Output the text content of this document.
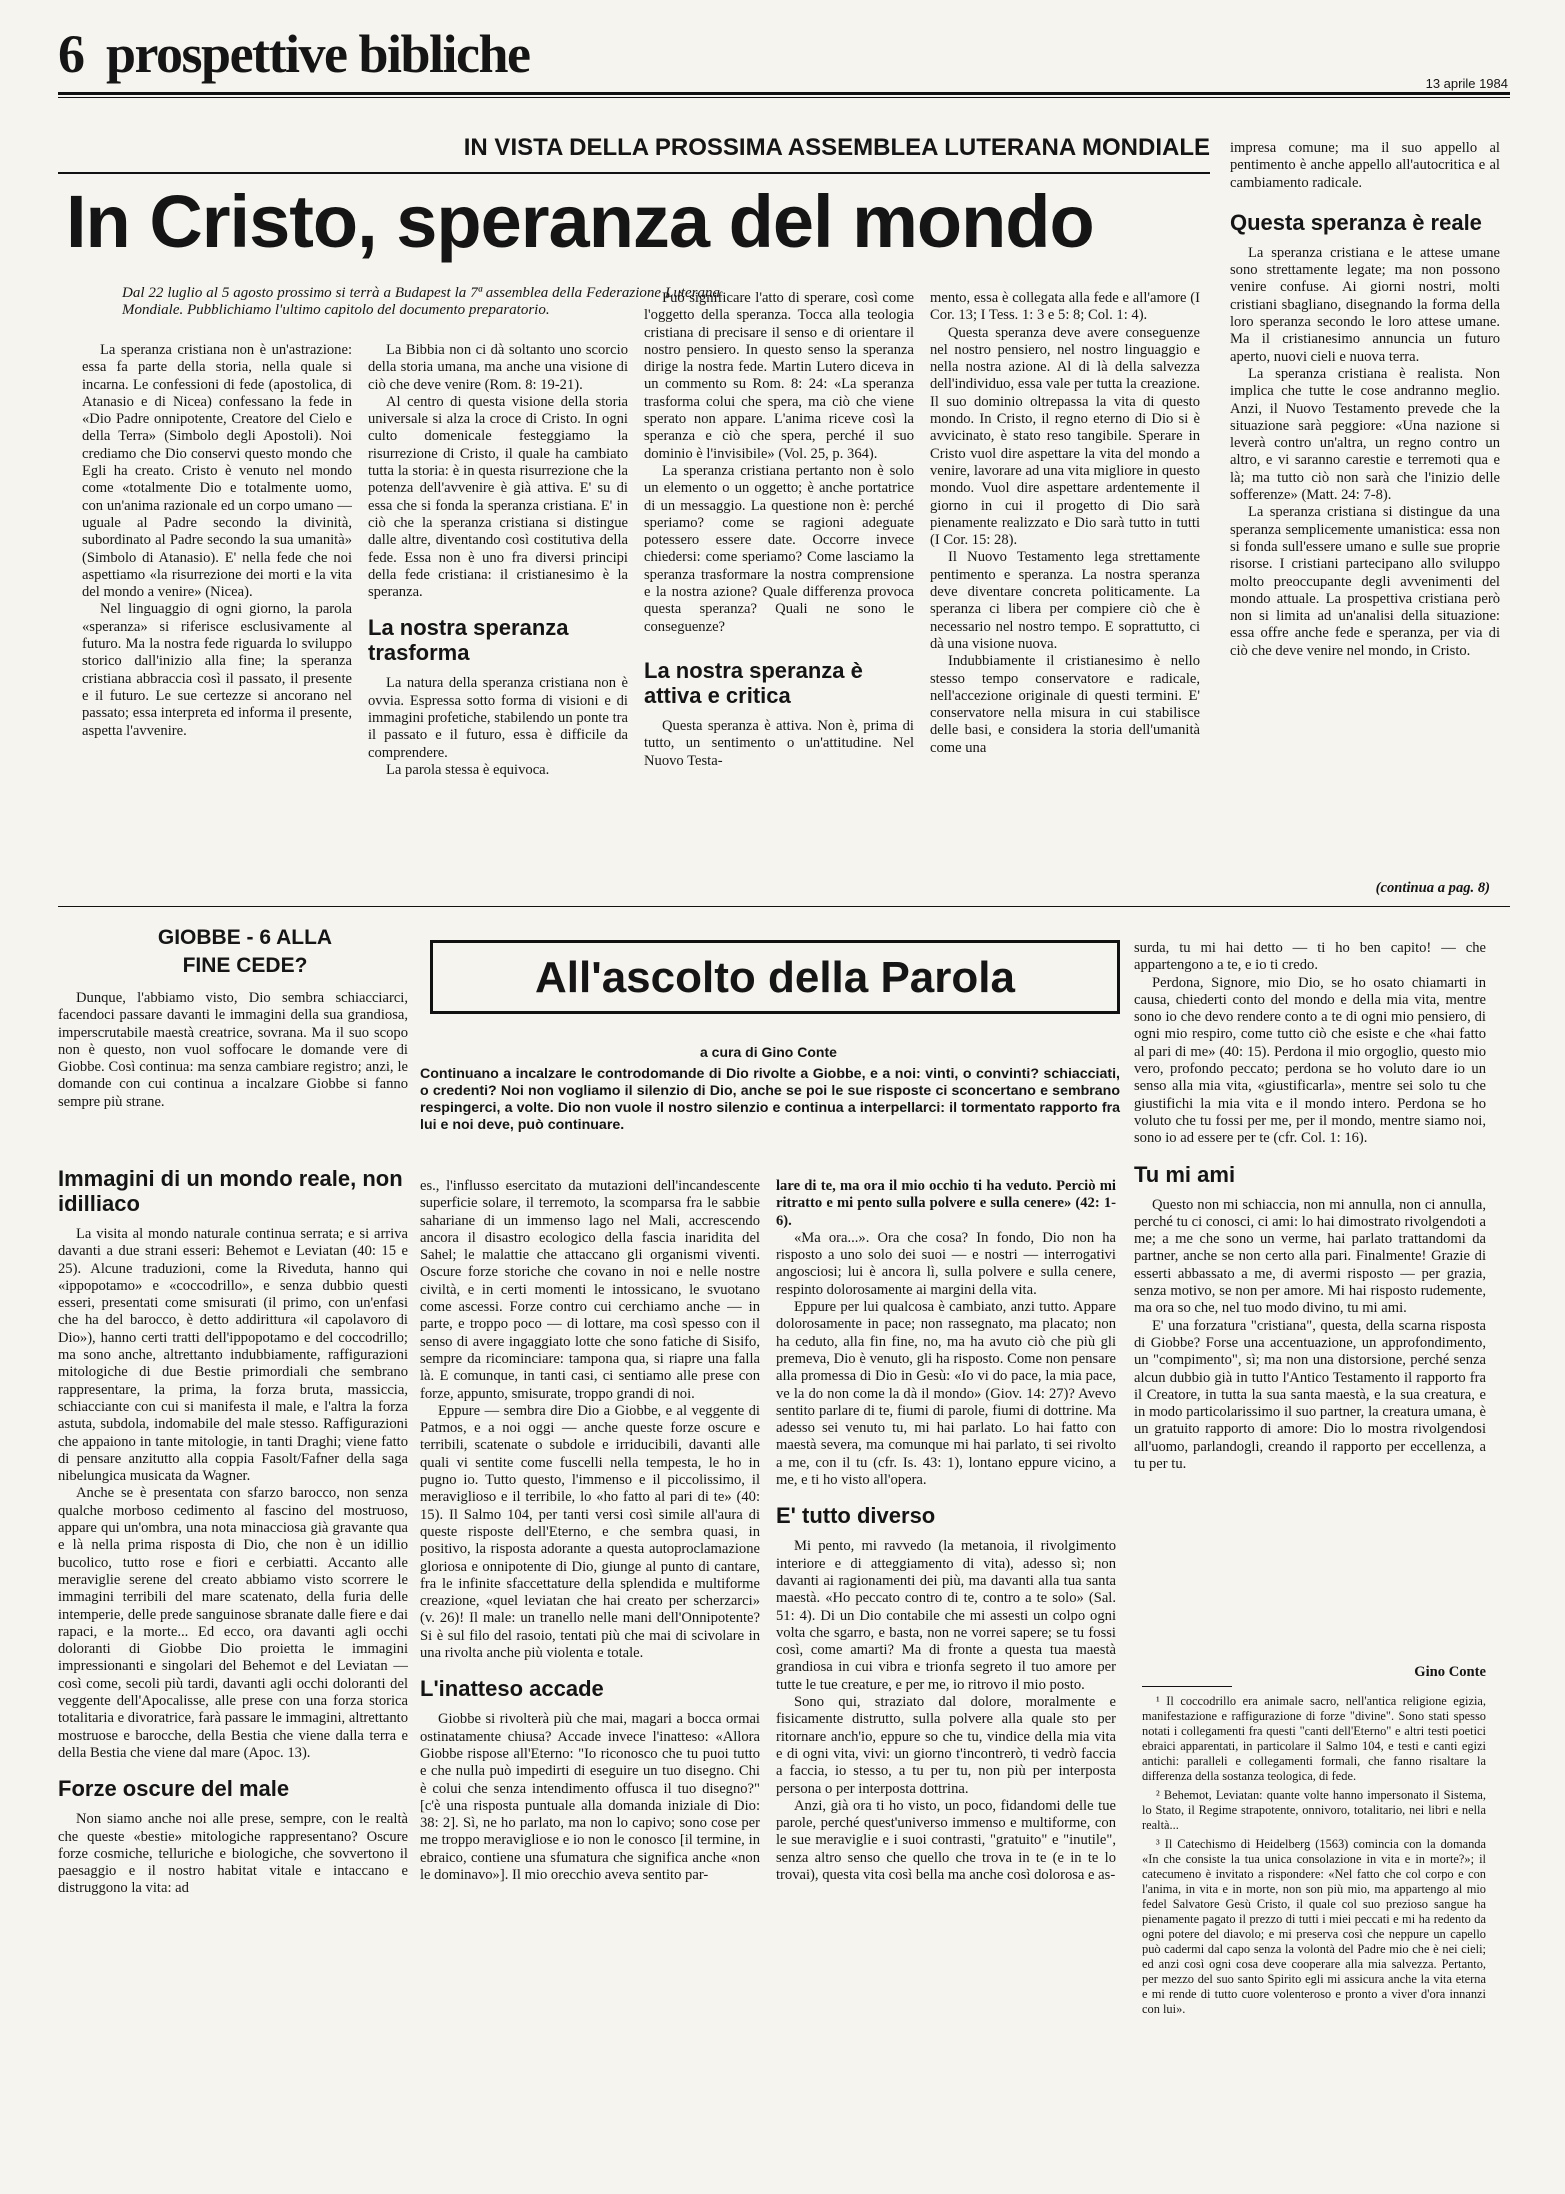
6 prospettive bibliche	13 aprile 1984
IN VISTA DELLA PROSSIMA ASSEMBLEA LUTERANA MONDIALE
In Cristo, speranza del mondo
Dal 22 luglio al 5 agosto prossimo si terrà a Budapest la 7ª assemblea della Federazione Luterana Mondiale. Pubblichiamo l'ultimo capitolo del documento preparatorio.

La speranza cristiana non è un'astrazione: essa fa parte della storia, nella quale si incarna. Le confessioni di fede (apostolica, di Atanasio e di Nicea) confessano la fede in «Dio Padre onnipotente, Creatore del Cielo e della Terra» (Simbolo degli Apostoli). Noi crediamo che Dio conservi questo mondo che Egli ha creato. Cristo è venuto nel mondo come «totalmente Dio e totalmente uomo, con un'anima razionale ed un corpo umano — uguale al Padre secondo la divinità, subordinato al Padre secondo la sua umanità» (Simbolo di Atanasio). E' nella fede che noi aspettiamo «la risurrezione dei morti e la vita del mondo a venire» (Nicea).

Nel linguaggio di ogni giorno, la parola «speranza» si riferisce esclusivamente al futuro. Ma la nostra fede riguarda lo sviluppo storico dall'inizio alla fine; la speranza cristiana abbraccia così il passato, il presente e il futuro. Le sue certezze si ancorano nel passato; essa interpreta ed informa il presente, aspetta l'avvenire.

La Bibbia non ci dà soltanto uno scorcio della storia umana, ma anche una visione di ciò che deve venire (Rom. 8: 19-21).

Al centro di questa visione della storia universale si alza la croce di Cristo. In ogni culto domenicale festeggiamo la risurrezione di Cristo, il quale ha cambiato tutta la storia: è in questa risurrezione che la potenza dell'avvenire è già attiva. E' su di essa che si fonda la speranza cristiana. E' in ciò che la speranza cristiana si distingue dalle altre, diventando così costitutiva della fede. Essa non è uno fra diversi principi della fede cristiana: il cristianesimo è la speranza.

La nostra speranza trasforma

La natura della speranza cristiana non è ovvia. Espressa sotto forma di visioni e di immagini profetiche, stabilendo un ponte tra il passato e il futuro, essa è difficile da comprendere.

La parola stessa è equivoca.

Può significare l'atto di sperare, così come l'oggetto della speranza. Tocca alla teologia cristiana di precisare il senso e di orientare il nostro pensiero. In questo senso la speranza dirige la nostra fede. Martin Lutero diceva in un commento su Rom. 8: 24: «La speranza trasforma colui che spera, ma ciò che viene sperato non appare. L'anima riceve così la speranza e ciò che spera, perché il suo dominio è l'invisibile» (Vol. 25, p. 364).

La speranza cristiana pertanto non è solo un elemento o un oggetto; è anche portatrice di un messaggio. La questione non è: perché speriamo? come se ragioni adeguate potessero essere date. Occorre invece chiedersi: come speriamo? Come lasciamo la speranza trasformare la nostra comprensione e la nostra azione? Quale differenza provoca questa speranza? Quali ne sono le conseguenze?

La nostra speranza è attiva e critica

Questa speranza è attiva. Non è, prima di tutto, un sentimento o un'attitudine. Nel Nuovo Testa-

mento, essa è collegata alla fede e all'amore (I Cor. 13; I Tess. 1: 3 e 5: 8; Col. 1: 4).

Questa speranza deve avere conseguenze nel nostro pensiero, nel nostro linguaggio e nella nostra azione. Al di là della salvezza dell'individuo, essa vale per tutta la creazione. Il suo dominio oltrepassa la vita di questo mondo. In Cristo, il regno eterno di Dio si è avvicinato, è stato reso tangibile. Sperare in Cristo vuol dire aspettare la vita del mondo a venire, lavorare ad una vita migliore in questo mondo. Vuol dire aspettare ardentemente il giorno in cui il progetto di Dio sarà pienamente realizzato e Dio sarà tutto in tutti (I Cor. 15: 28).

Il Nuovo Testamento lega strettamente pentimento e speranza. La nostra speranza deve diventare concreta politicamente. La speranza ci libera per compiere ciò che è necessario nel nostro tempo. E soprattutto, ci dà una visione nuova.

Indubbiamente il cristianesimo è nello stesso tempo conservatore e radicale, nell'accezione originale di questi termini. E' conservatore nella misura in cui stabilisce delle basi, e considera la storia dell'umanità come una

impresa comune; ma il suo appello al pentimento è anche appello all'autocritica e al cambiamento radicale.

Questa speranza è reale

La speranza cristiana e le attese umane sono strettamente legate; ma non possono venire confuse. Ai giorni nostri, molti cristiani sbagliano, disegnando la forma della loro speranza secondo le loro attese umane. Ma il cristianesimo annuncia un futuro aperto, nuovi cieli e nuova terra.

La speranza cristiana è realista. Non implica che tutte le cose andranno meglio. Anzi, il Nuovo Testamento prevede che la situazione sarà peggiore: «Una nazione si leverà contro un'altra, un regno contro un altro, e vi saranno carestie e terremoti qua e là; ma tutto ciò non sarà che l'inizio delle sofferenze» (Matt. 24: 7-8).

La speranza cristiana si distingue da una speranza semplicemente umanistica: essa non si fonda sull'essere umano e sulle sue proprie risorse. I cristiani partecipano allo sviluppo molto preoccupante degli avvenimenti del mondo attuale. La prospettiva cristiana però non si limita ad un'analisi della situazione: essa offre anche fede e speranza, per via di ciò che deve venire nel mondo, in Cristo.

(continua a pag. 8)
GIOBBE - 6 ALLA FINE CEDE?

Dunque, l'abbiamo visto, Dio sembra schiacciarci, facendoci passare davanti le immagini della sua grandiosa, imperscrutabile maestà creatrice, sovrana. Ma il suo scopo non è questo, non vuol soffocare le domande vere di Giobbe. Così continua: ma senza cambiare registro; anzi, le domande con cui continua a incalzare Giobbe si fanno sempre più strane.

All'ascolto della Parola
a cura di Gino Conte
Continuano a incalzare le controdomande di Dio rivolte a Giobbe, e a noi: vinti, o convinti? schiacciati, o credenti? Noi non vogliamo il silenzio di Dio, anche se poi le sue risposte ci sconcertano e sembrano respingerci, a volte. Dio non vuole il nostro silenzio e continua a interpellarci: il tormentato rapporto fra lui e noi deve, può continuare.
Immagini di un mondo reale, non idilliaco

La visita al mondo naturale continua serrata; e si arriva davanti a due strani esseri: Behemot e Leviatan (40: 15 e 25). Alcune traduzioni, come la Riveduta, hanno qui «ippopotamo» e «coccodrillo», e senza dubbio questi esseri, presentati come smisurati (il primo, con un'enfasi che ha del barocco, è detto addirittura «il capolavoro di Dio»), hanno certi tratti dell'ippopotamo e del coccodrillo; ma sono anche, altrettanto indubbiamente, raffigurazioni mitologiche di due Bestie primordiali che sembrano rappresentare, la prima, la forza bruta, massiccia, schiacciante con cui si manifesta il male, e l'altra la forza astuta, subdola, indomabile del male stesso. Raffigurazioni che appaiono in tante mitologie, in tanti Draghi; viene fatto di pensare anzitutto alla coppia Fasolt/Fafner della saga nibelungica musicata da Wagner.

Anche se è presentata con sfarzo barocco, non senza qualche morboso cedimento al fascino del mostruoso, appare qui un'ombra, una nota minacciosa già gravante qua e là nella prima risposta di Dio, che non è un idillio bucolico, tutto rose e fiori e cerbiatti. Accanto alle meraviglie serene del creato abbiamo visto scorrere le immagini terribili del mare scatenato, della furia delle intemperie, delle prede sanguinose sbranate dalle fiere e dai rapaci, e la morte... Ed ecco, ora davanti agli occhi doloranti di Giobbe Dio proietta le immagini impressionanti e singolari del Behemot e del Leviatan — così come, secoli più tardi, davanti agli occhi doloranti del veggente dell'Apocalisse, alle prese con una forza storica totalitaria e divoratrice, farà passare le immagini, altrettanto mostruose e barocche, della Bestia che viene dalla terra e della Bestia che viene dal mare (Apoc. 13).

Forze oscure del male

Non siamo anche noi alle prese, sempre, con le realtà che queste «bestie» mitologiche rappresentano? Oscure forze cosmiche, telluriche e biologiche, che sovvertono il paesaggio e il nostro habitat vitale e intaccano e distruggono la vita: ad

es., l'influsso esercitato da mutazioni dell'incandescente superficie solare, il terremoto, la scomparsa fra le sabbie sahariane di un immenso lago nel Mali, accrescendo ancora il disastro ecologico della fascia inaridita del Sahel; le malattie che attaccano gli organismi viventi. Oscure forze storiche che covano in noi e nelle nostre civiltà, e in certi momenti le intossicano, le svuotano come ascessi. Forze contro cui cerchiamo anche — in parte, e troppo poco — di lottare, ma così spesso con il senso di avere ingaggiato lotte che sono fatiche di Sisifo, sempre da ricominciare: tampona qua, si riapre una falla là. E comunque, in tanti casi, ci sentiamo alle prese con forze, appunto, smisurate, troppo grandi di noi.

Eppure — sembra dire Dio a Giobbe, e al veggente di Patmos, e a noi oggi — anche queste forze oscure e terribili, scatenate o subdole e irriducibili, davanti alle quali vi sentite come fuscelli nella tempesta, le ho in pugno io. Tutto questo, l'immenso e il piccolissimo, il meraviglioso e il terribile, lo «ho fatto al pari di te» (40: 15). Il Salmo 104, per tanti versi così simile all'aura di queste risposte dell'Eterno, e che sembra quasi, in positivo, la risposta adorante a questa autoproclamazione gloriosa e onnipotente di Dio, giunge al punto di cantare, fra le infinite sfaccettature della splendida e multiforme creazione, «quel leviatan che hai creato per scherzarci» (v. 26)! Il male: un tranello nelle mani dell'Onnipotente? Si è sul filo del rasoio, tentati più che mai di scivolare in una rivolta anche più violenta e totale.

L'inatteso accade

Giobbe si rivolterà più che mai, magari a bocca ormai ostinatamente chiusa? Accade invece l'inatteso: «Allora Giobbe rispose all'Eterno: "Io riconosco che tu puoi tutto e che nulla può impedirti di eseguire un tuo disegno. Chi è colui che senza intendimento offusca il tuo disegno?" [c'è una risposta puntuale alla domanda iniziale di Dio: 38: 2]. Sì, ne ho parlato, ma non lo capivo; sono cose per me troppo meravigliose e io non le conosco [il termine, in ebraico, contiene una sfumatura che significa anche «non le dominavo»]. Il mio orecchio aveva sentito par-

lare di te, ma ora il mio occhio ti ha veduto. Perciò mi ritratto e mi pento sulla polvere e sulla cenere» (42: 1-6).

«Ma ora...». Ora che cosa? In fondo, Dio non ha risposto a uno solo dei suoi — e nostri — interrogativi angosciosi; lui è ancora lì, sulla polvere e sulla cenere, respinto dolorosamente ai margini della vita.

Eppure per lui qualcosa è cambiato, anzi tutto. Appare dolorosamente in pace; non rassegnato, ma placato; non ha ceduto, alla fin fine, no, ma ha avuto ciò che più gli premeva, Dio è venuto, gli ha risposto. Come non pensare alla promessa di Dio in Gesù: «Io vi do pace, la mia pace, ve la do non come la dà il mondo» (Giov. 14: 27)? Avevo sentito parlare di te, fiumi di parole, fiumi di dottrine. Ma adesso sei venuto tu, mi hai parlato. Lo hai fatto con maestà severa, ma comunque mi hai parlato, ti sei rivolto a me, con il tu (cfr. Is. 43: 1), lontano eppure vicino, a me, e ti ho visto all'opera.

E' tutto diverso

Mi pento, mi ravvedo (la metanoia, il rivolgimento interiore e di atteggiamento di vita), adesso sì; non davanti ai ragionamenti dei più, ma davanti alla tua santa maestà. «Ho peccato contro di te, contro a te solo» (Sal. 51: 4). Di un Dio contabile che mi assesti un colpo ogni volta che sgarro, e basta, non ne vorrei sapere; se tu fossi così, come amarti? Ma di fronte a questa tua maestà grandiosa in cui vibra e trionfa segreto il tuo amore per tutte le tue creature, e per me, io ritrovo il mio posto.

Sono qui, straziato dal dolore, moralmente e fisicamente distrutto, sulla polvere alla quale sto per ritornare anch'io, eppure so che tu, vindice della mia vita e di ogni vita, vivi: un giorno t'incontrerò, ti vedrò faccia a faccia, io stesso, a tu per tu, non più per interposta persona o per interposta dottrina.

Anzi, già ora ti ho visto, un poco, fidandomi delle tue parole, perché quest'universo immenso e multiforme, con le sue meraviglie e i suoi contrasti, "gratuito" e "inutile", senza altro senso che quello che trova in te (e in te lo trovai), questa vita così bella ma anche così dolorosa e as-

surda, tu mi hai detto — ti ho ben capito! — che appartengono a te, e io ti credo.

Perdona, Signore, mio Dio, se ho osato chiamarti in causa, chiederti conto del mondo e della mia vita, mentre sono io che devo rendere conto a te di ogni mio pensiero, di ogni mio respiro, come tutto ciò che esiste e che «hai fatto al pari di me» (40: 15). Perdona il mio orgoglio, questo mio vero, profondo peccato; perdona se ho voluto dare io un senso alla mia vita, «giustificarla», mentre sei solo tu che giustifichi la mia vita e il mondo intero. Perdona se ho voluto che tu fossi per me, per il mondo, mentre siamo noi, sono io ad essere per te (cfr. Col. 1: 16).

Tu mi ami

Questo non mi schiaccia, non mi annulla, non ci annulla, perché tu ci conosci, ci ami: lo hai dimostrato rivolgendoti a me; a me che sono un verme, hai parlato trattandomi da partner, anche se non certo alla pari. Finalmente! Grazie di esserti abbassato a me, di avermi risposto — per grazia, senza motivo, se non per amore. Mi hai risposto rudemente, ma ora so che, nel tuo modo divino, tu mi ami.

E' una forzatura "cristiana", questa, della scarna risposta di Giobbe? Forse una accentuazione, un approfondimento, un "compimento", sì; ma non una distorsione, perché senza alcun dubbio già in tutto l'Antico Testamento il rapporto fra il Creatore, in tutta la sua santa maestà, e la sua creatura, e in modo particolarissimo il suo partner, la creatura umana, è un gratuito rapporto di amore: Dio lo mostra rivolgendosi all'uomo, parlandogli, creando il rapporto per eccellenza, a tu per tu.

Gino Conte

¹ Il coccodrillo era animale sacro, nell'antica religione egizia, manifestazione e raffigurazione di forze "divine". Sono stati spesso notati i collegamenti fra questi "canti dell'Eterno" e altri testi poetici ebraici apparentati, in particolare il Salmo 104, e testi e canti egizi antichi: paralleli e collegamenti formali, che fanno risaltare la differenza della sostanza teologica, di fede.

² Behemot, Leviatan: quante volte hanno impersonato il Sistema, lo Stato, il Regime strapotente, onnivoro, totalitario, nei libri e nella realtà...

³ Il Catechismo di Heidelberg (1563) comincia con la domanda «In che consiste la tua unica consolazione in vita e in morte?»; il catecumeno è invitato a rispondere: «Nel fatto che col corpo e con l'anima, in vita e in morte, non son più mio, ma appartengo al mio fedel Salvatore Gesù Cristo, il quale col suo prezioso sangue ha pienamente pagato il prezzo di tutti i miei peccati e mi ha redento da ogni potere del diavolo; e mi preserva così che neppure un capello può cadermi dal capo senza la volontà del Padre mio che è nei cieli; ed anzi così ogni cosa deve cooperare alla mia salvezza. Pertanto, per mezzo del suo santo Spirito egli mi assicura anche la vita eterna e mi rende di tutto cuore volenteroso e pronto a viver d'ora innanzi con lui».
